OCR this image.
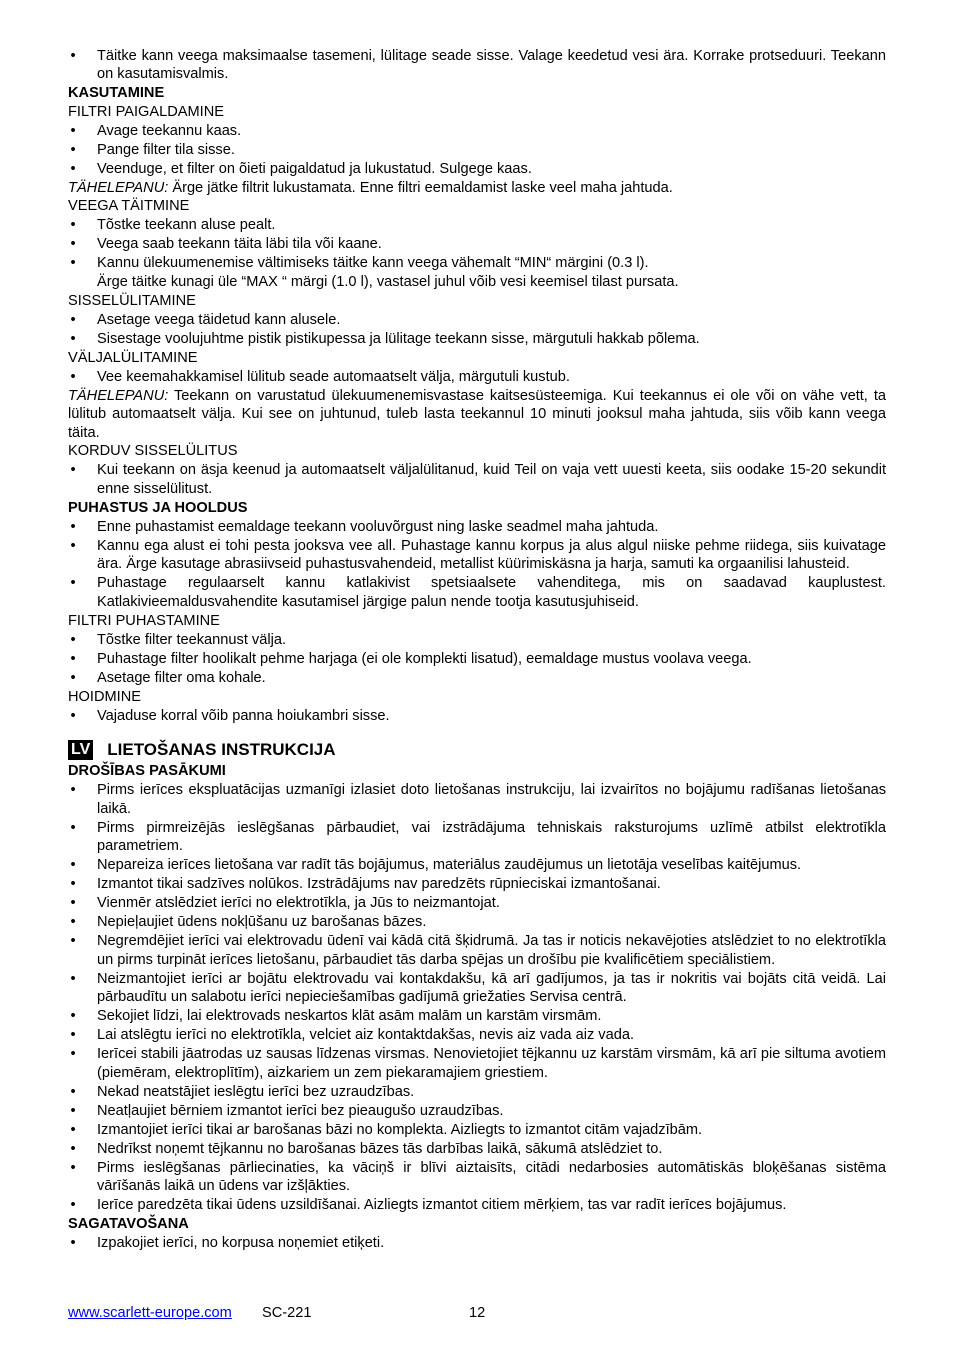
• Täitke kann veega maksimaalse tasemeni, lülitage seade sisse. Valage keedetud vesi ära. Korrake protseduuri. Teekann on kasutamisvalmis.

KASUTAMINE

FILTRI PAIGALDAMINE

• Avage teekannu kaas.
• Pange filter tila sisse.
• Veenduge, et filter on õieti paigaldatud ja lukustatud. Sulgege kaas.

TÄHELEPANU: Ärge jätke filtrit lukustamata. Enne filtri eemaldamist laske veel maha jahtuda.

VEEGA TÄITMINE

• Tõstke teekann aluse pealt.
• Veega saab teekann täita läbi tila või kaane.
• Kannu ülekuumenemise vältimiseks täitke kann veega vähemalt “MIN“ märgini (0.3 l).

Ärge täitke kunagi üle “MAX “ märgi (1.0 l), vastasel juhul võib vesi keemisel tilast pursata.

SISSELÜLITAMINE

• Asetage veega täidetud kann alusele.
• Sisestage voolujuhtme pistik pistikupessa ja lülitage teekann sisse, märgutuli hakkab põlema.

VÄLJALÜLITAMINE

• Vee keemahakkamisel lülitub seade automaatselt välja, märgutuli kustub.

TÄHELEPANU: Teekann on varustatud ülekuumenemisvastase kaitsesüsteemiga. Kui teekannus ei ole või on vähe vett, ta lülitub automaatselt välja. Kui see on juhtunud, tuleb lasta teekannul 10 minuti jooksul maha jahtuda, siis võib kann veega täita.

KORDUV SISSELÜLITUS

• Kui teekann on äsja keenud ja automaatselt väljalülitanud, kuid Teil on vaja vett uuesti keeta, siis oodake 15-20 sekundit enne sisselülitust.

PUHASTUS JA HOOLDUS

• Enne puhastamist eemaldage teekann vooluvõrgust ning laske seadmel maha jahtuda.
• Kannu ega alust ei tohi pesta jooksva vee all. Puhastage kannu korpus ja alus algul niiske pehme riidega, siis kuivatage ära. Ärge kasutage abrasiivseid puhastusvahendeid, metallist küürimiskäsna ja harja, samuti ka orgaanilisi lahusteid.
• Puhastage regulaarselt kannu katlakivist spetsiaalsete vahenditega, mis on saadavad kauplustest. Katlakivieemaldusvahendite kasutamisel järgige palun nende tootja kasutusjuhiseid.

FILTRI PUHASTAMINE

• Tõstke filter teekannust välja.
• Puhastage filter hoolikalt pehme harjaga (ei ole komplekti lisatud), eemaldage mustus voolava veega.
• Asetage filter oma kohale.

HOIDMINE

• Vajaduse korral võib panna hoiukambri sisse.
LV LIETOŠANAS INSTRUKCIJA

DROŠĪBAS PASĀKUMI

• Pirms ierīces ekspluatācijas uzmanīgi izlasiet doto lietošanas instrukciju, lai izvairītos no bojājumu radīšanas lietošanas laikā.
• Pirms pirmreizējās ieslēgšanas pārbaudiet, vai izstrādājuma tehniskais raksturojums uzlīmē atbilst elektrotīkla parametriem.
• Nepareiza ierīces lietošana var radīt tās bojājumus, materiālus zaudējumus un lietotāja veselības kaitējumus.
• Izmantot tikai sadzīves nolūkos. Izstrādājums nav paredzēts rūpnieciskai izmantošanai.
• Vienmēr atslēdziet ierīci no elektrotīkla, ja Jūs to neizmantojat.
• Nepieļaujiet ūdens nokļūšanu uz barošanas bāzes.
• Negremdējiet ierīci vai elektrovadu ūdenī vai kādā citā šķidrumā. Ja tas ir noticis nekavējoties atslēdziet to no elektrotīkla un pirms turpināt ierīces lietošanu, pārbaudiet tās darba spējas un drošību pie kvalificētiem speciālistiem.
• Neizmantojiet ierīci ar bojātu elektrovadu vai kontakdakšu, kā arī gadījumos, ja tas ir nokritis vai bojāts citā veidā. Lai pārbaudītu un salabotu ierīci nepieciešamības gadījumā griežaties Servisa centrā.
• Sekojiet līdzi, lai elektrovads neskartos klāt asām malām un karstām virsmām.
• Lai atslēgtu ierīci no elektrotīkla, velciet aiz kontaktdakšas, nevis aiz vada aiz vada.
• Ierīcei stabili jāatrodas uz sausas līdzenas virsmas. Nenovietojiet tējkannu uz karstām virsmām, kā arī pie siltuma avotiem (piemēram, elektroplītīm), aizkariem un zem piekaramajiem griestiem.
• Nekad neatstājiet ieslēgtu ierīci bez uzraudzības.
• Neatļaujiet bērniem izmantot ierīci bez pieaugušo uzraudzības.
• Izmantojiet ierīci tikai ar barošanas bāzi no komplekta. Aizliegts to izmantot citām vajadzībām.
• Nedrīkst noņemt tējkannu no barošanas bāzes tās darbības laikā, sākumā atslēdziet to.
• Pirms ieslēgšanas pārliecinaties, ka vāciņš ir blīvi aiztaisīts, citādi nedarbosies automātiskās bloķēšanas sistēma vārīšanās laikā un ūdens var izšļākties.
• Ierīce paredzēta tikai ūdens uzsildīšanai. Aizliegts izmantot citiem mērķiem, tas var radīt ierīces bojājumus.

SAGATAVOŠANA

• Izpakojiet ierīci, no korpusa noņemiet etiķeti.
www.scarlett-europe.com SC-221	12
